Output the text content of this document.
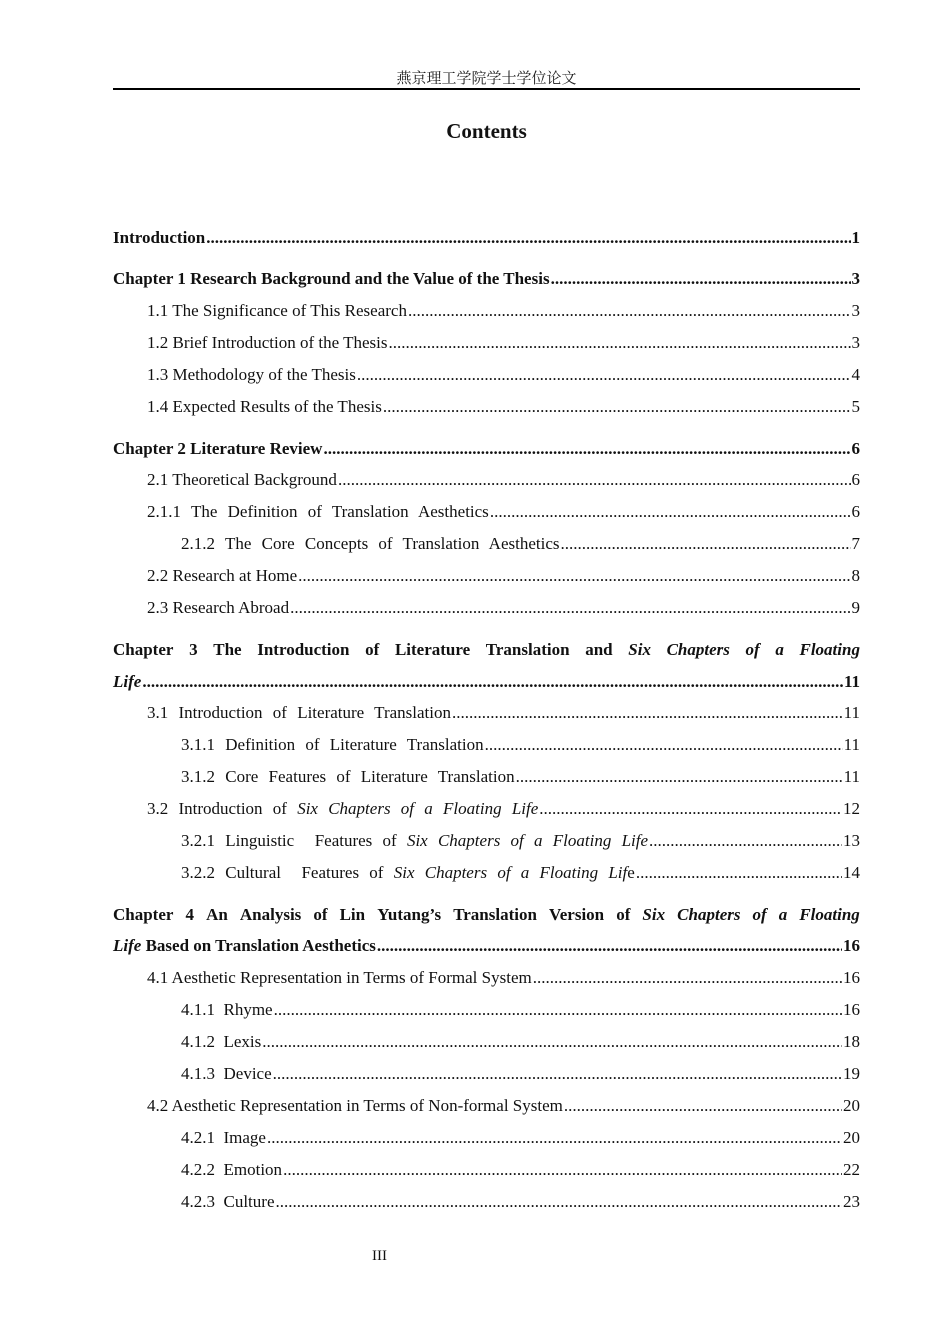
燕京理工学院学士学位论文
Contents
Introduction .....	1
Chapter 1 Research Background and the Value of the Thesis .....	3
1.1 The Significance of This Research .....	3
1.2 Brief Introduction of the Thesis .....	3
1.3 Methodology of the Thesis .....	4
1.4 Expected Results of the Thesis .....	5
Chapter 2 Literature Review .....	6
2.1 Theoretical Background .....	6
2.1.1 The Definition of Translation Aesthetics .....	6
2.1.2 The Core Concepts of Translation Aesthetics .....	7
2.2 Research at Home .....	8
2.3 Research Abroad .....	9
Chapter 3 The Introduction of Literature Translation and Six Chapters of a Floating
Life .....	11
3.1 Introduction of Literature Translation .....	11
3.1.1 Definition of Literature Translation .....	11
3.1.2 Core Features of Literature Translation .....	11
3.2 Introduction of Six Chapters of a Floating Life .....	12
3.2.1 Linguistic  Features of Six Chapters of a Floating Life .....	13
3.2.2 Cultural  Features of Six Chapters of a Floating Life .....	14
Chapter 4 An Analysis of Lin Yutang’s Translation Version of Six Chapters of a Floating
Life Based on Translation Aesthetics .....	16
4.1 Aesthetic Representation in Terms of Formal System .....	16
4.1.1  Rhyme .....	16
4.1.2  Lexis .....	18
4.1.3  Device .....	19
4.2 Aesthetic Representation in Terms of Non-formal System .....	20
4.2.1  Image .....	20
4.2.2  Emotion .....	22
4.2.3  Culture .....	23
III
